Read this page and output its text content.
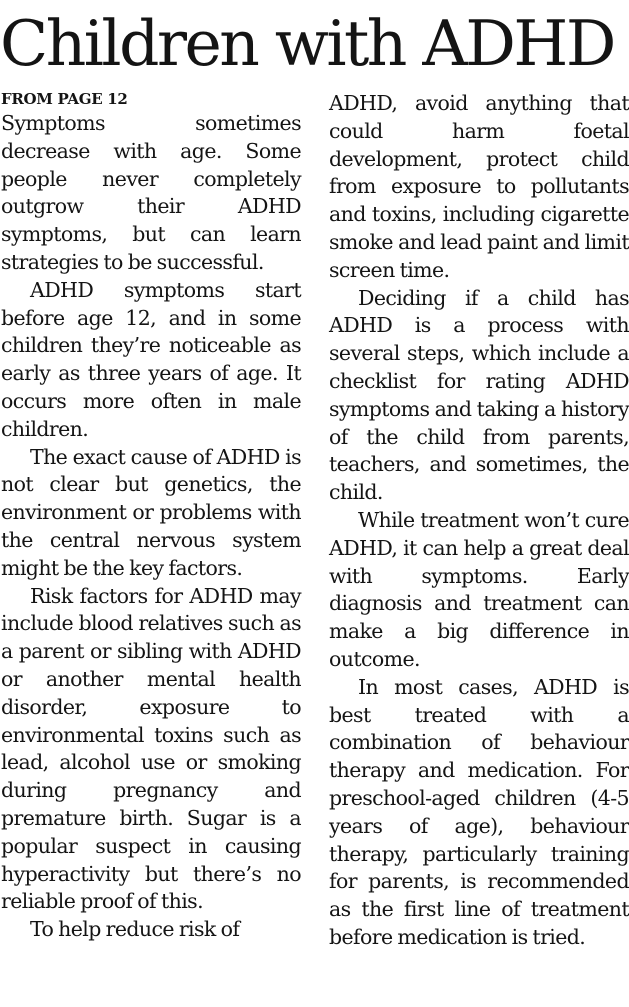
Children with ADHD
FROM PAGE 12

Symptoms sometimes decrease with age. Some people never completely outgrow their ADHD symptoms, but can learn strategies to be successful.

ADHD symptoms start before age 12, and in some children they’re noticeable as early as three years of age. It occurs more often in male children.

The exact cause of ADHD is not clear but genetics, the environment or problems with the central nervous system might be the key factors.

Risk factors for ADHD may include blood relatives such as a parent or sibling with ADHD or another mental health disorder, exposure to environmental toxins such as lead, alcohol use or smoking during pregnancy and premature birth. Sugar is a popular suspect in causing hyperactivity but there’s no reliable proof of this.

To help reduce risk of

ADHD, avoid anything that could harm foetal development, protect child from exposure to pollutants and toxins, including cigarette smoke and lead paint and limit screen time.

Deciding if a child has ADHD is a process with several steps, which include a checklist for rating ADHD symptoms and taking a history of the child from parents, teachers, and sometimes, the child.

While treatment won’t cure ADHD, it can help a great deal with symptoms. Early diagnosis and treatment can make a big difference in outcome.

In most cases, ADHD is best treated with a combination of behaviour therapy and medication. For preschool-aged children (4-5 years of age), behaviour therapy, particularly training for parents, is recommended as the first line of treatment before medication is tried.
